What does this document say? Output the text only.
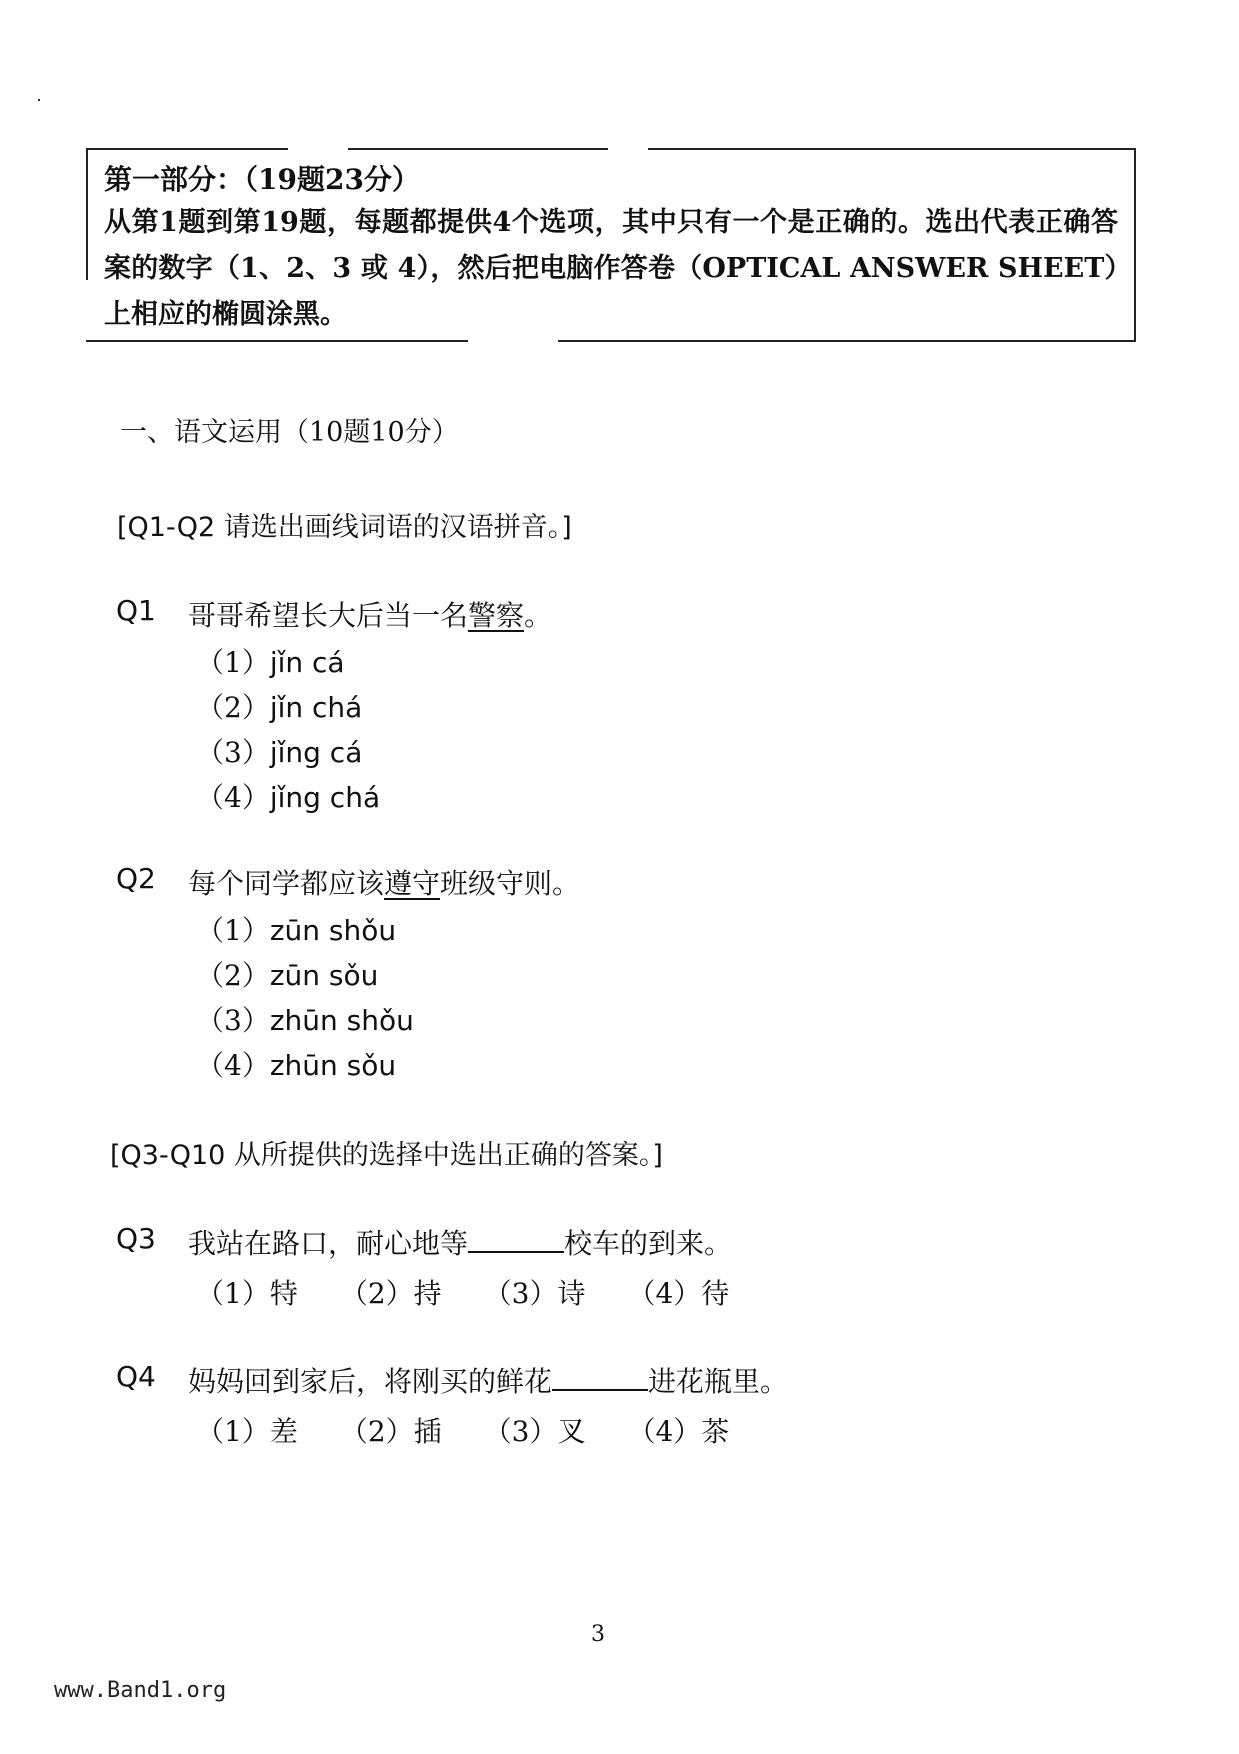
第一部分：（19题23分）

从第1题到第19题，每题都提供4个选项，其中只有一个是正确的。选出代表正确答案的数字（1、2、3 或 4），然后把电脑作答卷（OPTICAL ANSWER SHEET）上相应的椭圆涂黑。

一、语文运用（10题10分）
[Q1-Q2 请选出画线词语的汉语拼音。]
Q1 哥哥希望长大后当一名警察。
（1）jǐn cá
（2）jǐn chá
（3）jǐng cá
（4）jǐng chá
Q2 每个同学都应该遵守班级守则。
（1）zūn shǒu
（2）zūn sǒu
（3）zhūn shǒu
（4）zhūn sǒu
[Q3-Q10 从所提供的选择中选出正确的答案。]
Q3 我站在路口，耐心地等	校车的到来。
（1）特 （2）持 （3）诗 （4）待
Q4 妈妈回到家后，将刚买的鲜花	进花瓶里。
（1）差 （2）插 （3）叉 （4）茶
3
www.Band1.org
